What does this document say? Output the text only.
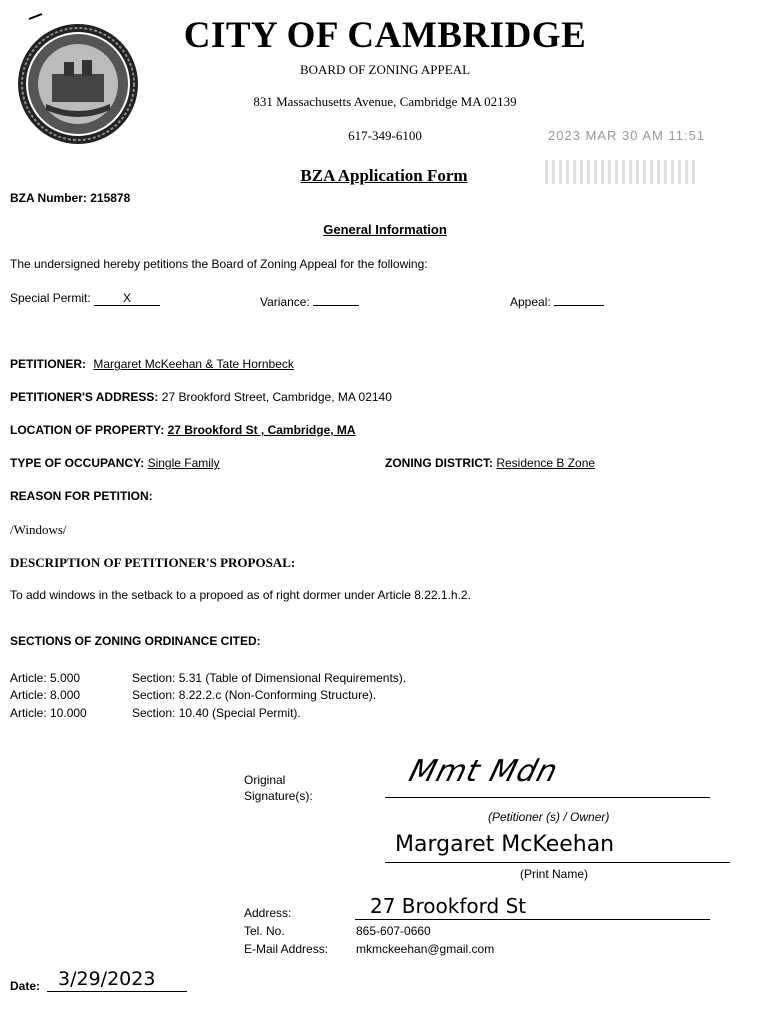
CITY OF CAMBRIDGE
BOARD OF ZONING APPEAL
831 Massachusetts Avenue, Cambridge MA 02139
617-349-6100	2023 MAR 30 AM 11:51
BZA Application Form
BZA Number: 215878
General Information
The undersigned hereby petitions the Board of Zoning Appeal for the following:
Special Permit:	X	Variance:	Appeal:
PETITIONER: Margaret McKeehan & Tate Hornbeck
PETITIONER'S ADDRESS: 27 Brookford Street, Cambridge, MA 02140
LOCATION OF PROPERTY: 27 Brookford St , Cambridge, MA
TYPE OF OCCUPANCY: Single Family	ZONING DISTRICT: Residence B Zone
REASON FOR PETITION:
/Windows/
DESCRIPTION OF PETITIONER'S PROPOSAL:
To add windows in the setback to a propoed as of right dormer under Article 8.22.1.h.2.
SECTIONS OF ZONING ORDINANCE CITED:
Article: 5.000	Section: 5.31 (Table of Dimensional Requirements).
Article: 8.000	Section: 8.22.2.c (Non-Conforming Structure).
Article: 10.000	Section: 10.40 (Special Permit).
Original
Signature(s):
Mmt Mdn
(Petitioner (s) / Owner)
Margaret McKeehan
(Print Name)
Address:	27 Brookford St
Tel. No.	865-607-0660
E-Mail Address: mkmckeehan@gmail.com
Date: 3/29/2023
